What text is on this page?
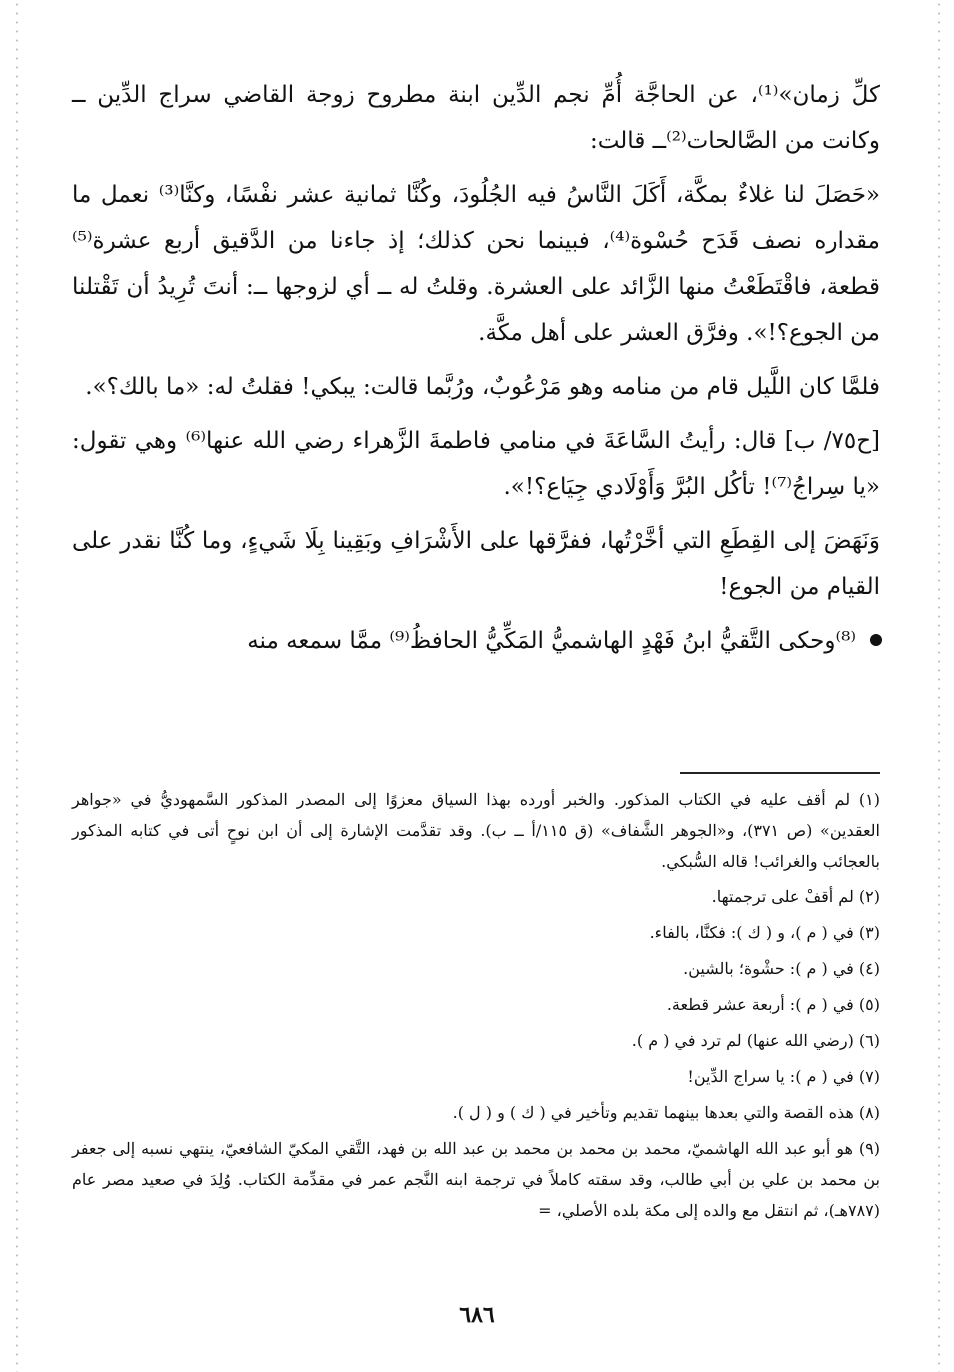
كلِّ زمان»⁽¹⁾، عن الحاجَّة أُمِّ نجم الدِّين ابنة مطروح زوجة القاضي سراج الدِّين ــ وكانت من الصَّالحات⁽²⁾ــ قالت:

«حَصَلَ لنا غلاءٌ بمكَّة، أَكَلَ النَّاسُ فيه الجُلُودَ، وكُنَّا ثمانية عشر نفْسًا، وكنَّا⁽³⁾ نعمل ما مقداره نصف قَدَح حُسْوة⁽⁴⁾، فبينما نحن كذلك؛ إذ جاءنا من الدَّقيق أربع عشرة⁽⁵⁾ قطعة، فاقْتَطَعْتُ منها الزَّائد على العشرة. وقلتُ له ــ أي لزوجها ــ: أنتَ تُرِيدُ أن تَقْتلنا من الجوع؟!». وفرَّق العشر على أهل مكَّة.

فلمَّا كان اللَّيل قام من منامه وهو مَرْعُوبٌ، ورُبَّما قالت: يبكي! فقلتُ له: «ما بالك؟».

[ح٧٥/ ب] قال: رأيتُ السَّاعَةَ في منامي فاطمةَ الزَّهراء رضي الله عنها⁽⁶⁾ وهي تقول: «يا سِراجُ⁽⁷⁾! تأكُل البُرَّ وَأَوْلَادي جِيَاع؟!».

وَنَهَضَ إلى القِطَعِ التي أخَّرْتُها، ففرَّقها على الأَشْرَافِ وبَقِينا بِلَا شَيءٍ، وما كُنَّا نقدر على القيام من الجوع!

⁽⁸⁾وحكى التَّقيُّ ابنُ فَهْدٍ الهاشميُّ المَكِّيُّ الحافظُ⁽⁹⁾ ممَّا سمعه منه

(١) لم أقف عليه في الكتاب المذكور. والخبر أورده بهذا السياق معزوًا إلى المصدر المذكور السَّمهوديُّ في «جواهر العقدين» (ص ٣٧١)، و«الجوهر الشَّفاف» (ق ١١٥/أ ــ ب). وقد تقدَّمت الإشارة إلى أن ابن نوحٍ أتى في كتابه المذكور بالعجائب والغرائب! قاله السُّبكي.

(٢) لم أقفْ على ترجمتها.

(٣) في ( م )، و ( ك ): فكنَّا، بالفاء.

(٤) في ( م ): حشْوة؛ بالشين.

(٥) في ( م ): أربعة عشر قطعة.

(٦) (رضي الله عنها) لم ترد في ( م ).

(٧) في ( م ): يا سراج الدِّين!

(٨) هذه القصة والتي بعدها بينهما تقديم وتأخير في ( ك ) و ( ل ).

(٩) هو أبو عبد الله الهاشميّ، محمد بن محمد بن محمد بن عبد الله بن فهد، التَّقي المكيّ الشافعيّ، ينتهي نسبه إلى جعفر بن محمد بن علي بن أبي طالب، وقد سقته كاملاً في ترجمة ابنه النَّجم عمر في مقدِّمة الكتاب. وُلِدَ في صعيد مصر عام (٧٨٧هـ)، ثم انتقل مع والده إلى مكة بلده الأصلي، =

٦٨٦
